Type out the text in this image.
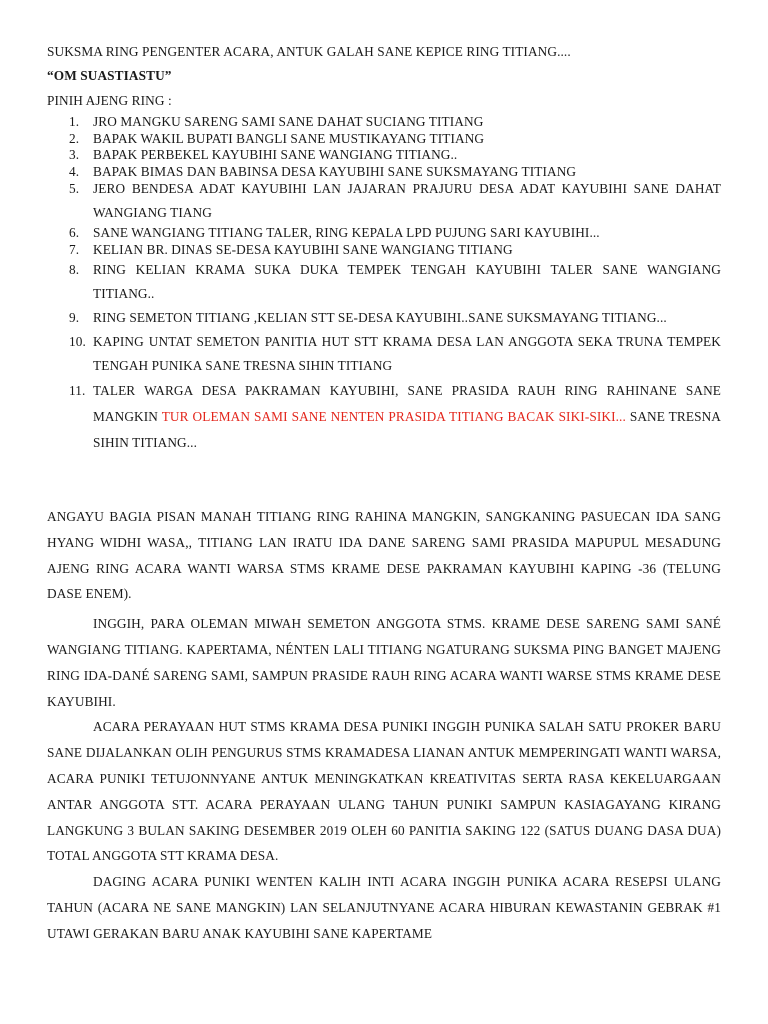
SUKSMA RING PENGENTER ACARA, ANTUK GALAH SANE KEPICE RING TITIANG....
“OM SUASTIASTU”
PINIH AJENG RING :
1. JRO MANGKU SARENG SAMI SANE DAHAT SUCIANG TITIANG
2. BAPAK WAKIL BUPATI BANGLI SANE MUSTIKAYANG TITIANG
3. BAPAK PERBEKEL KAYUBIHI SANE WANGIANG TITIANG..
4. BAPAK BIMAS DAN BABINSA DESA KAYUBIHI SANE SUKSMAYANG TITIANG
5. JERO BENDESA ADAT KAYUBIHI LAN JAJARAN PRAJURU DESA ADAT KAYUBIHI SANE DAHAT WANGIANG TIANG
6. SANE WANGIANG TITIANG TALER, RING KEPALA LPD PUJUNG SARI KAYUBIHI...
7. KELIAN BR. DINAS SE-DESA KAYUBIHI SANE WANGIANG TITIANG
8. RING KELIAN KRAMA SUKA DUKA TEMPEK TENGAH KAYUBIHI TALER SANE WANGIANG TITIANG..
9. RING SEMETON TITIANG ,KELIAN STT SE-DESA KAYUBIHI..SANE SUKSMAYANG TITIANG...
10. KAPING UNTAT SEMETON PANITIA HUT STT KRAMA DESA LAN ANGGOTA SEKA TRUNA TEMPEK TENGAH PUNIKA SANE TRESNA SIHIN TITIANG
11. TALER WARGA DESA PAKRAMAN KAYUBIHI, SANE PRASIDA RAUH RING RAHINANE SANE MANGKIN TUR OLEMAN SAMI SANE NENTEN PRASIDA TITIANG BACAK SIKI-SIKI... SANE TRESNA SIHIN TITIANG...
ANGAYU BAGIA PISAN MANAH TITIANG RING RAHINA MANGKIN, SANGKANING PASUECAN IDA SANG HYANG WIDHI WASA,, TITIANG LAN IRATU IDA DANE SARENG SAMI PRASIDA MAPUPUL MESADUNG AJENG RING ACARA WANTI WARSA STMS KRAME DESE PAKRAMAN KAYUBIHI KAPING -36 (TELUNG DASE ENEM).
INGGIH, PARA OLEMAN MIWAH SEMETON ANGGOTA STMS. KRAME DESE SARENG SAMI SANÉ WANGIANG TITIANG. KAPERTAMA, NÉNTEN LALI TITIANG NGATURANG SUKSMA PING BANGET MAJENG RING IDA-DANÉ SARENG SAMI, SAMPUN PRASIDE RAUH RING ACARA WANTI WARSE STMS KRAME DESE KAYUBIHI.
ACARA PERAYAAN HUT STMS KRAMA DESA PUNIKI INGGIH PUNIKA SALAH SATU PROKER BARU SANE DIJALANKAN OLIH PENGURUS STMS KRAMADESA LIANAN ANTUK MEMPERINGATI WANTI WARSA, ACARA PUNIKI TETUJONNYANE ANTUK MENINGKATKAN KREATIVITAS SERTA RASA KEKELUARGAAN ANTAR ANGGOTA STT. ACARA PERAYAAN ULANG TAHUN PUNIKI SAMPUN KASIAGAYANG KIRANG LANGKUNG 3 BULAN SAKING DESEMBER 2019 OLEH 60 PANITIA SAKING 122 (SATUS DUANG DASA DUA) TOTAL ANGGOTA STT KRAMA DESA.
DAGING ACARA PUNIKI WENTEN KALIH INTI ACARA INGGIH PUNIKA ACARA RESEPSI ULANG TAHUN (ACARA NE SANE MANGKIN) LAN SELANJUTNYANE ACARA HIBURAN KEWASTANIN GEBRAK #1 UTAWI GERAKAN BARU ANAK KAYUBIHI SANE KAPERTAME
